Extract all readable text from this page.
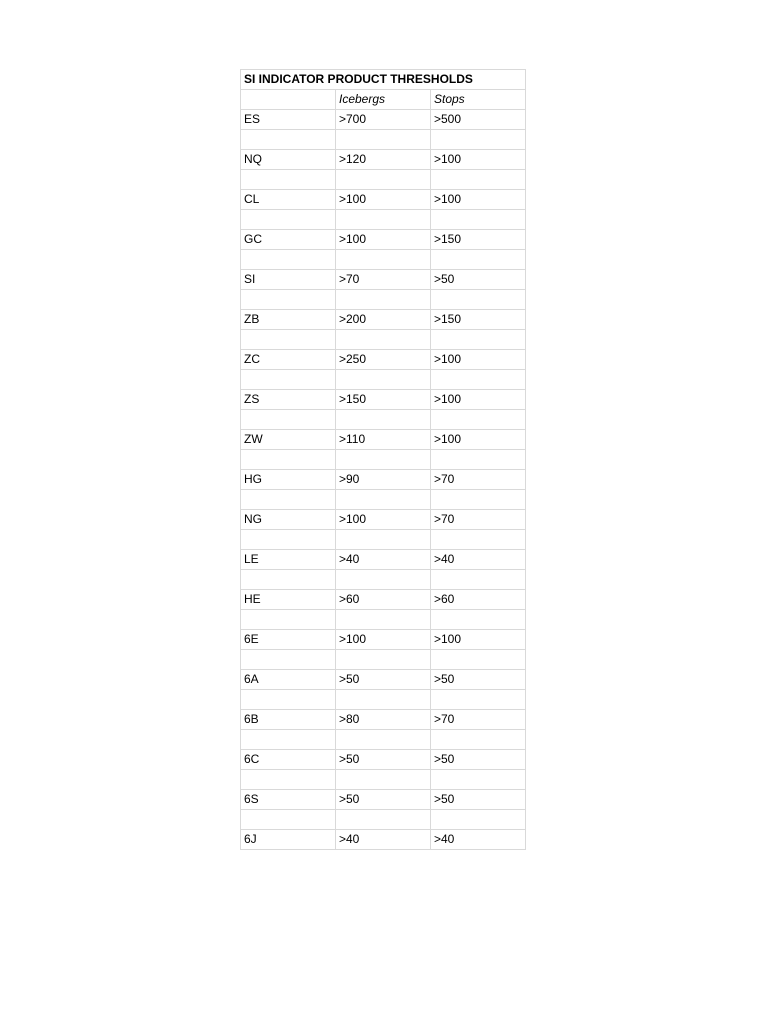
SI INDICATOR PRODUCT THRESHOLDS		
	Icebergs	Stops
ES	>700	>500

NQ	>120	>100

CL	>100	>100

GC	>100	>150

SI	>70	>50

ZB	>200	>150

ZC	>250	>100

ZS	>150	>100

ZW	>110	>100

HG	>90	>70

NG	>100	>70

LE	>40	>40

HE	>60	>60

6E	>100	>100

6A	>50	>50

6B	>80	>70

6C	>50	>50

6S	>50	>50

6J	>40	>40
